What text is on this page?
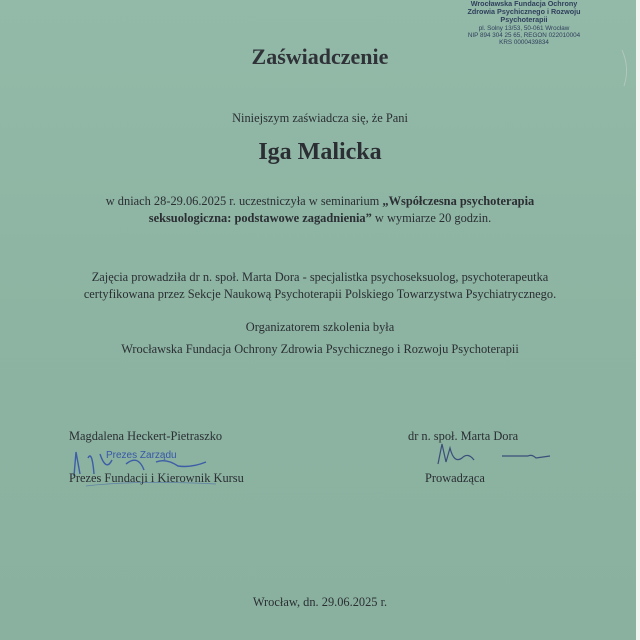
Wrocławska Fundacja Ochrony
Zdrowia Psychicznego i Rozwoju
Psychoterapii
pl. Solny 13/53, 50-061 Wrocław
NIP 894 304 25 65, REGON 022010004
KRS 0000439834
Zaświadczenie
Niniejszym zaświadcza się, że Pani
Iga Malicka
w dniach 28-29.06.2025 r. uczestniczyła w seminarium „Współczesna psychoterapia
seksuologiczna: podstawowe zagadnienia” w wymiarze 20 godzin.
Zajęcia prowadziła dr n. społ. Marta Dora - specjalistka psychoseksuolog, psychoterapeutka
certyfikowana przez Sekcje Naukową Psychoterapii Polskiego Towarzystwa Psychiatrycznego.
Organizatorem szkolenia była
Wrocławska Fundacja Ochrony Zdrowia Psychicznego i Rozwoju Psychoterapii
Magdalena Heckert-Pietraszko	dr n. społ. Marta Dora
Prezes Zarządu
Prezes Fundacji i Kierownik Kursu	Prowadząca
Wrocław, dn. 29.06.2025 r.
